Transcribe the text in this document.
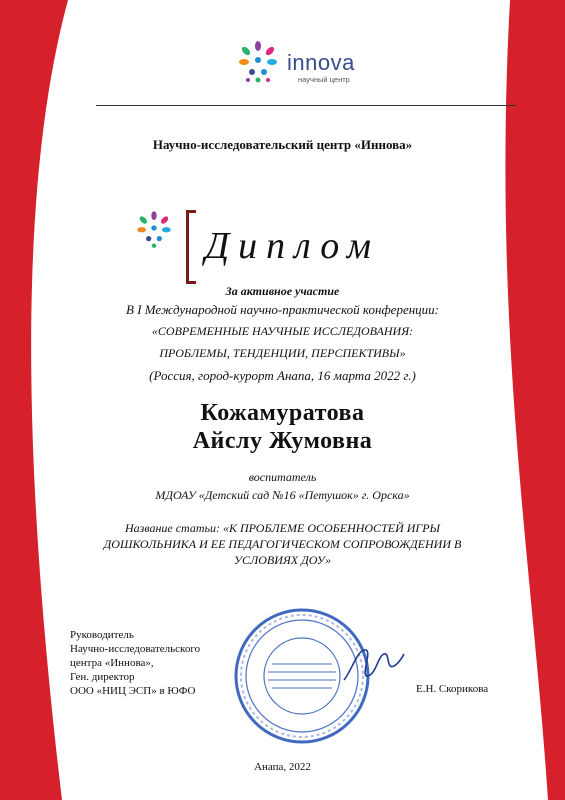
innova
научный центр
Научно-исследовательский центр «Иннова»
Диплом
За активное участие
В I Международной научно-практической конференции:
«СОВРЕМЕННЫЕ НАУЧНЫЕ ИССЛЕДОВАНИЯ:
ПРОБЛЕМЫ, ТЕНДЕНЦИИ, ПЕРСПЕКТИВЫ»
(Россия, город-курорт Анапа, 16 марта 2022 г.)
Кожамуратова
Айслу Жумовна
воспитатель
МДОАУ «Детский сад №16 «Петушок» г. Орска»
Название статьи: «К ПРОБЛЕМЕ ОСОБЕННОСТЕЙ ИГРЫ
ДОШКОЛЬНИКА И ЕЕ ПЕДАГОГИЧЕСКОМ СОПРОВОЖДЕНИИ В
УСЛОВИЯХ ДОУ»
Руководитель
Научно-исследовательского
центра «Иннова»,
Ген. директор
ООО «НИЦ ЭСП» в ЮФО	Е.Н. Скорикова
Анапа, 2022
